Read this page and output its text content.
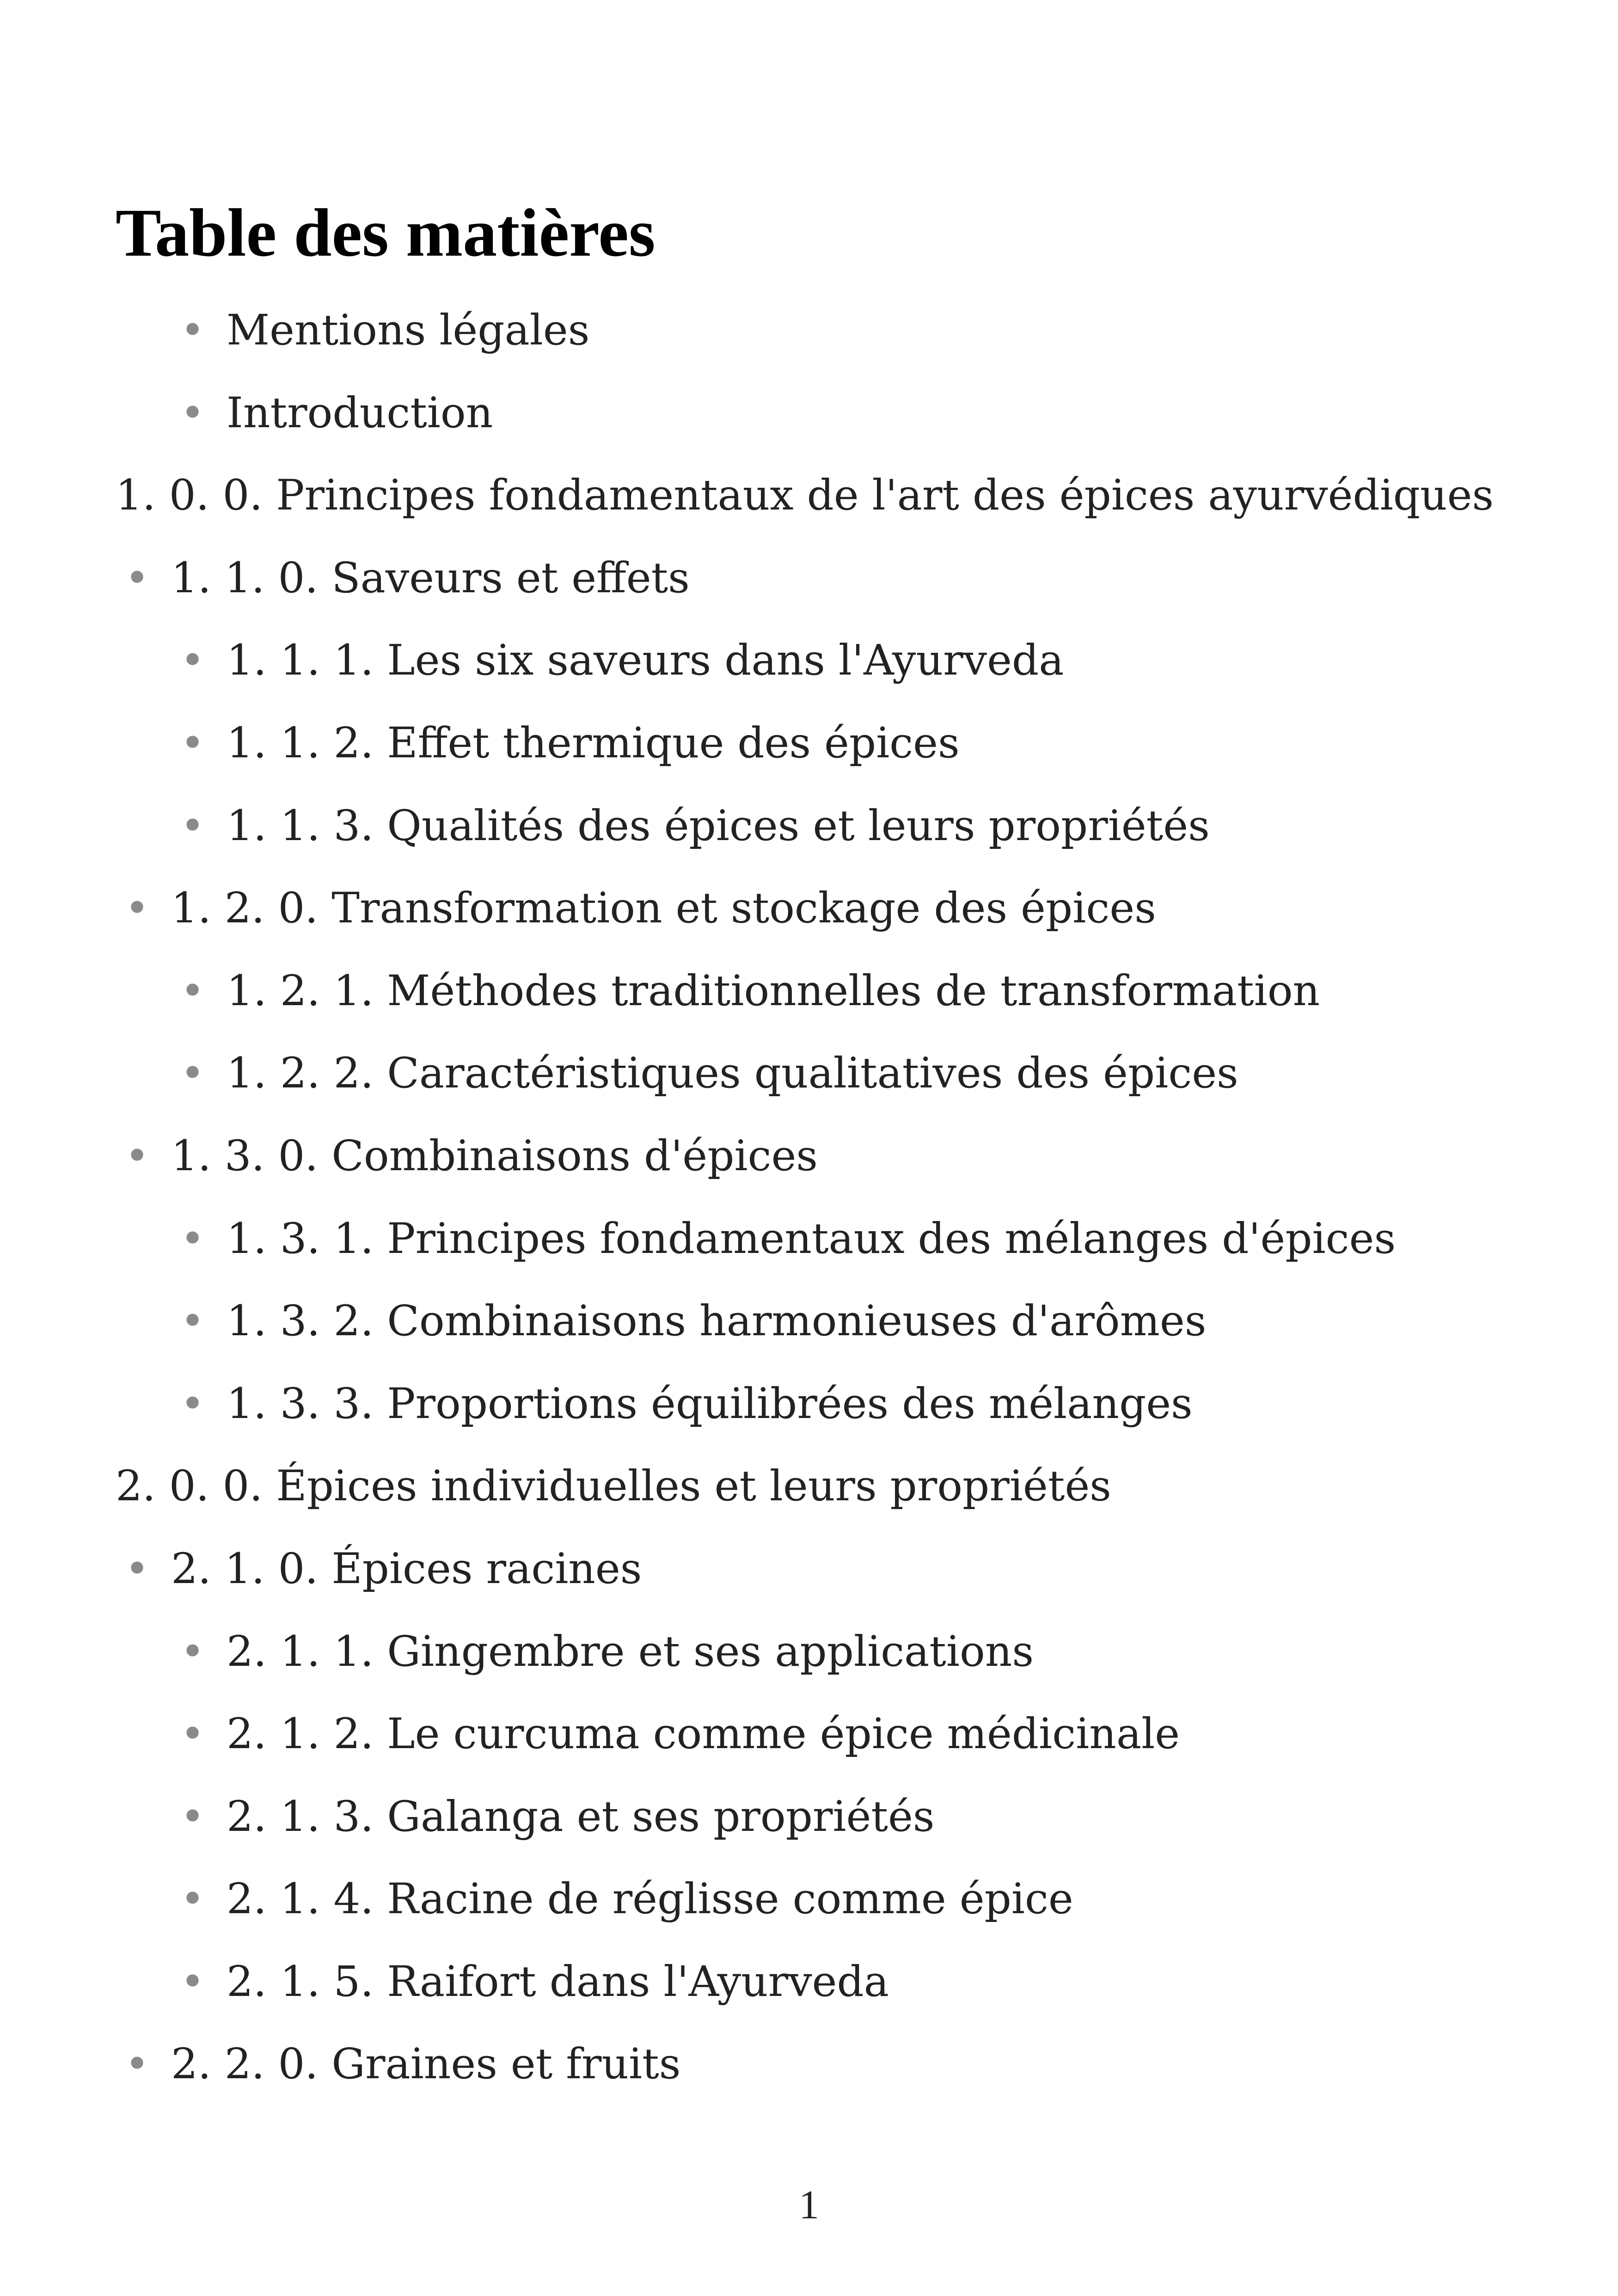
Table des matières
• Mentions légales
• Introduction
1. 0. 0. Principes fondamentaux de l'art des épices ayurvédiques
• 1. 1. 0. Saveurs et effets
• 1. 1. 1. Les six saveurs dans l'Ayurveda
• 1. 1. 2. Effet thermique des épices
• 1. 1. 3. Qualités des épices et leurs propriétés
• 1. 2. 0. Transformation et stockage des épices
• 1. 2. 1. Méthodes traditionnelles de transformation
• 1. 2. 2. Caractéristiques qualitatives des épices
• 1. 3. 0. Combinaisons d'épices
• 1. 3. 1. Principes fondamentaux des mélanges d'épices
• 1. 3. 2. Combinaisons harmonieuses d'arômes
• 1. 3. 3. Proportions équilibrées des mélanges
2. 0. 0. Épices individuelles et leurs propriétés
• 2. 1. 0. Épices racines
• 2. 1. 1. Gingembre et ses applications
• 2. 1. 2. Le curcuma comme épice médicinale
• 2. 1. 3. Galanga et ses propriétés
• 2. 1. 4. Racine de réglisse comme épice
• 2. 1. 5. Raifort dans l'Ayurveda
• 2. 2. 0. Graines et fruits
1
